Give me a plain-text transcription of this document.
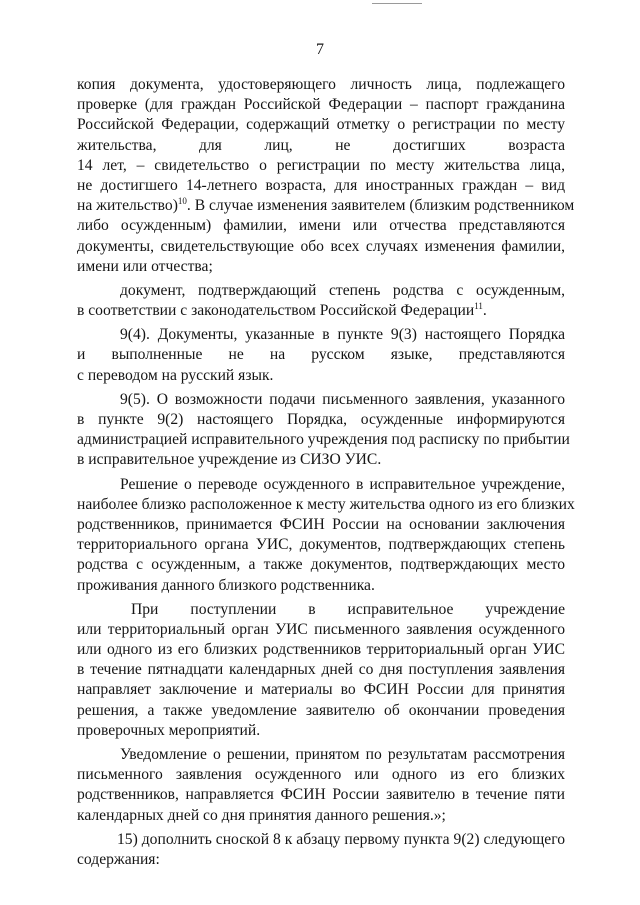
7
копия документа, удостоверяющего личность лица, подлежащего
проверке (для граждан Российской Федерации – паспорт гражданина
Российской Федерации, содержащий отметку о регистрации по месту
жительства, для лиц, не достигших возраста
14 лет, – свидетельство о регистрации по месту жительства лица,
не достигшего 14-летнего возраста, для иностранных граждан – вид
на жительство)$^{10}$. В случае изменения заявителем (близким родственником
либо осужденным) фамилии, имени или отчества представляются
документы, свидетельствующие обо всех случаях изменения фамилии,
имени или отчества;
документ, подтверждающий степень родства с осужденным,
в соответствии с законодательством Российской Федерации$^{11}$.
9(4). Документы, указанные в пункте 9(3) настоящего Порядка
и выполненные не на русском языке, представляются
с переводом на русский язык.
9(5). О возможности подачи письменного заявления, указанного
в пункте 9(2) настоящего Порядка, осужденные информируются
администрацией исправительного учреждения под расписку по прибытии
в исправительное учреждение из СИЗО УИС.
Решение о переводе осужденного в исправительное учреждение,
наиболее близко расположенное к месту жительства одного из его близких
родственников, принимается ФСИН России на основании заключения
территориального органа УИС, документов, подтверждающих степень
родства с осужденным, а также документов, подтверждающих место
проживания данного близкого родственника.
При поступлении в исправительное учреждение
или территориальный орган УИС письменного заявления осужденного
или одного из его близких родственников территориальный орган УИС
в течение пятнадцати календарных дней со дня поступления заявления
направляет заключение и материалы во ФСИН России для принятия
решения, а также уведомление заявителю об окончании проведения
проверочных мероприятий.
Уведомление о решении, принятом по результатам рассмотрения
письменного заявления осужденного или одного из его близких
родственников, направляется ФСИН России заявителю в течение пяти
календарных дней со дня принятия данного решения.»;
15) дополнить сноской 8 к абзацу первому пункта 9(2) следующего
содержания:
